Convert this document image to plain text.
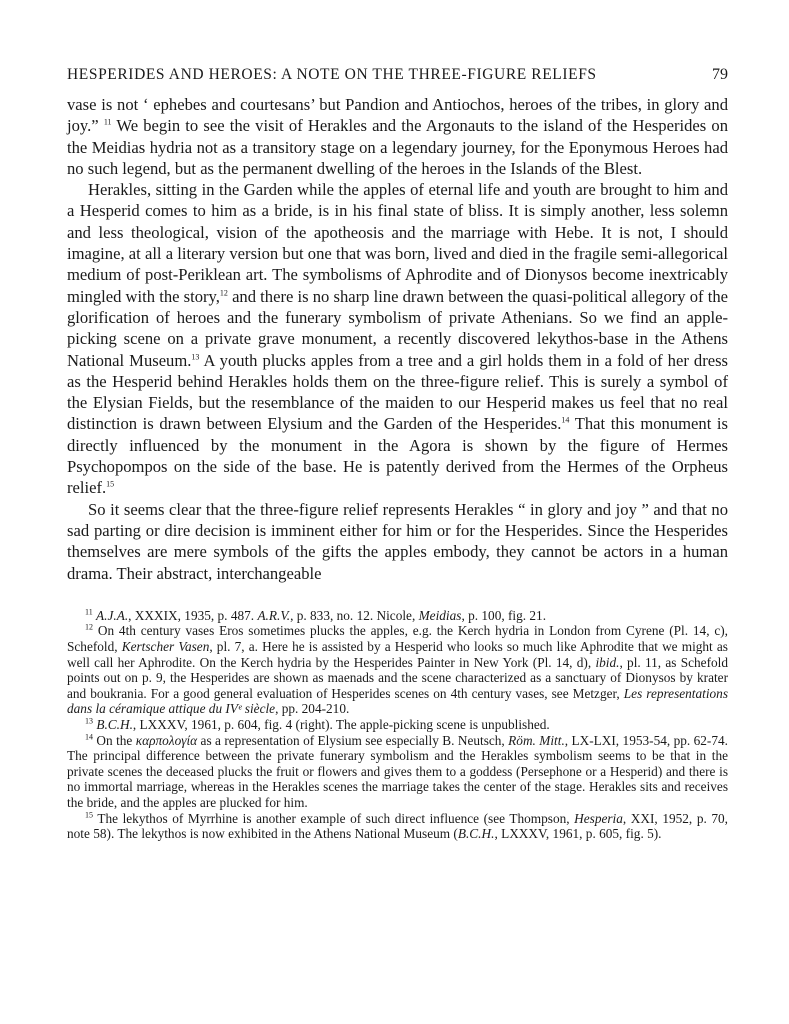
HESPERIDES AND HEROES: A NOTE ON THE THREE-FIGURE RELIEFS	79

vase is not ‘ ephebes and courtesans’ but Pandion and Antiochos, heroes of the tribes, in glory and joy.” $^{11}$ We begin to see the visit of Herakles and the Argonauts to the island of the Hesperides on the Meidias hydria not as a transitory stage on a legendary journey, for the Eponymous Heroes had no such legend, but as the permanent dwelling of the heroes in the Islands of the Blest.

Herakles, sitting in the Garden while the apples of eternal life and youth are brought to him and a Hesperid comes to him as a bride, is in his final state of bliss. It is simply another, less solemn and less theological, vision of the apotheosis and the marriage with Hebe. It is not, I should imagine, at all a literary version but one that was born, lived and died in the fragile semi-allegorical medium of post-Periklean art. The symbolisms of Aphrodite and of Dionysos become inextricably mingled with the story,$^{12}$ and there is no sharp line drawn between the quasi-political allegory of the glorification of heroes and the funerary symbolism of private Athenians. So we find an apple-picking scene on a private grave monument, a recently discovered lekythos-base in the Athens National Museum.$^{13}$ A youth plucks apples from a tree and a girl holds them in a fold of her dress as the Hesperid behind Herakles holds them on the three-figure relief. This is surely a symbol of the Elysian Fields, but the resemblance of the maiden to our Hesperid makes us feel that no real distinction is drawn between Elysium and the Garden of the Hesperides.$^{14}$ That this monument is directly influenced by the monument in the Agora is shown by the figure of Hermes Psychopompos on the side of the base. He is patently derived from the Hermes of the Orpheus relief.$^{15}$

So it seems clear that the three-figure relief represents Herakles “ in glory and joy ” and that no sad parting or dire decision is imminent either for him or for the Hesperides. Since the Hesperides themselves are mere symbols of the gifts the apples embody, they cannot be actors in a human drama. Their abstract, interchangeable

$^{11}$ A.J.A., XXXIX, 1935, p. 487. A.R.V., p. 833, no. 12. Nicole, Meidias, p. 100, fig. 21.

$^{12}$ On 4th century vases Eros sometimes plucks the apples, e.g. the Kerch hydria in London from Cyrene (Pl. 14, c), Schefold, Kertscher Vasen, pl. 7, a. Here he is assisted by a Hesperid who looks so much like Aphrodite that we might as well call her Aphrodite. On the Kerch hydria by the Hesperides Painter in New York (Pl. 14, d), ibid., pl. 11, as Schefold points out on p. 9, the Hesperides are shown as maenads and the scene characterized as a sanctuary of Dionysos by krater and boukrania. For a good general evaluation of Hesperides scenes on 4th century vases, see Metzger, Les representations dans la céramique attique du IVᵉ siècle, pp. 204-210.

$^{13}$ B.C.H., LXXXV, 1961, p. 604, fig. 4 (right). The apple-picking scene is unpublished.

$^{14}$ On the καρπολογία as a representation of Elysium see especially B. Neutsch, Röm. Mitt., LX-LXI, 1953-54, pp. 62-74. The principal difference between the private funerary symbolism and the Herakles symbolism seems to be that in the private scenes the deceased plucks the fruit or flowers and gives them to a goddess (Persephone or a Hesperid) and there is no immortal marriage, whereas in the Herakles scenes the marriage takes the center of the stage. Herakles sits and receives the bride, and the apples are plucked for him.

$^{15}$ The lekythos of Myrrhine is another example of such direct influence (see Thompson, Hesperia, XXI, 1952, p. 70, note 58). The lekythos is now exhibited in the Athens National Museum (B.C.H., LXXXV, 1961, p. 605, fig. 5).
